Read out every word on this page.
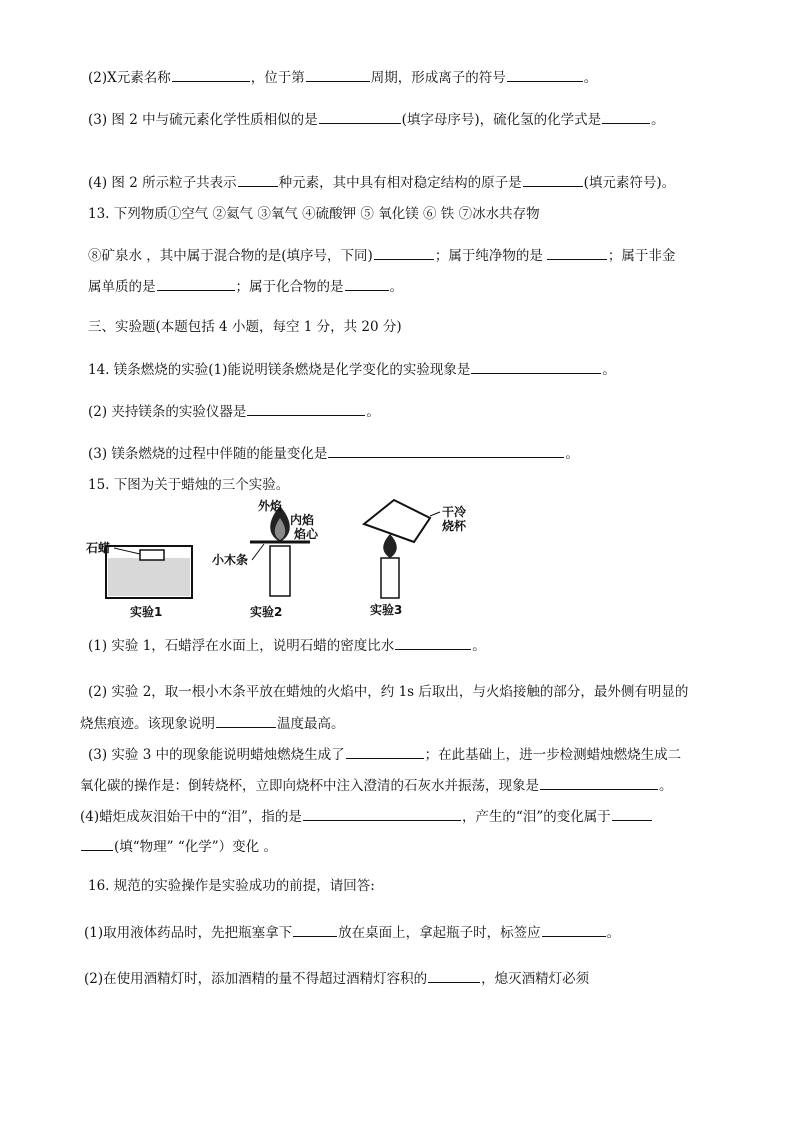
(2)X元素名称	，位于第	周期，形成离子的符号	。
(3) 图 2 中与硫元素化学性质相似的是	(填字母序号)，硫化氢的化学式是	。
(4) 图 2 所示粒子共表示	种元素，其中具有相对稳定结构的原子是	(填元素符号)。
13. 下列物质①空气 ②氦气 ③氧气 ④硫酸钾 ⑤ 氧化镁 ⑥ 铁 ⑦冰水共存物
⑧矿泉水 ，其中属于混合物的是(填序号，下同)	；属于纯净物的是	；属于非金
属单质的是	；属于化合物的是	。
三、实验题(本题包括 4 小题，每空 1 分，共 20 分)
14. 镁条燃烧的实验(1)能说明镁条燃烧是化学变化的实验现象是	。
(2) 夹持镁条的实验仪器是	。
(3) 镁条燃烧的过程中伴随的能量变化是	。
15. 下图为关于蜡烛的三个实验。
石蜡
实验1
外焰
内焰
焰心
小木条
实验2
干冷
烧杯
实验3
(1) 实验 1，石蜡浮在水面上，说明石蜡的密度比水	。
(2) 实验 2，取一根小木条平放在蜡烛的火焰中，约 1s 后取出，与火焰接触的部分，最外侧有明显的
烧焦痕迹。该现象说明	温度最高。
(3) 实验 3 中的现象能说明蜡烛燃烧生成了	；在此基础上，进一步检测蜡烛燃烧生成二
氧化碳的操作是：倒转烧杯，立即向烧杯中注入澄清的石灰水并振荡，现象是	。
(4)蜡炬成灰泪始干中的“泪”，指的是	，产生的“泪”的变化属于
(填“物理” “化学”）变化 。
16. 规范的实验操作是实验成功的前提，请回答:
(1)取用液体药品时，先把瓶塞拿下	放在桌面上，拿起瓶子时，标签应	。
(2)在使用酒精灯时，添加酒精的量不得超过酒精灯容积的	，熄灭酒精灯必须
